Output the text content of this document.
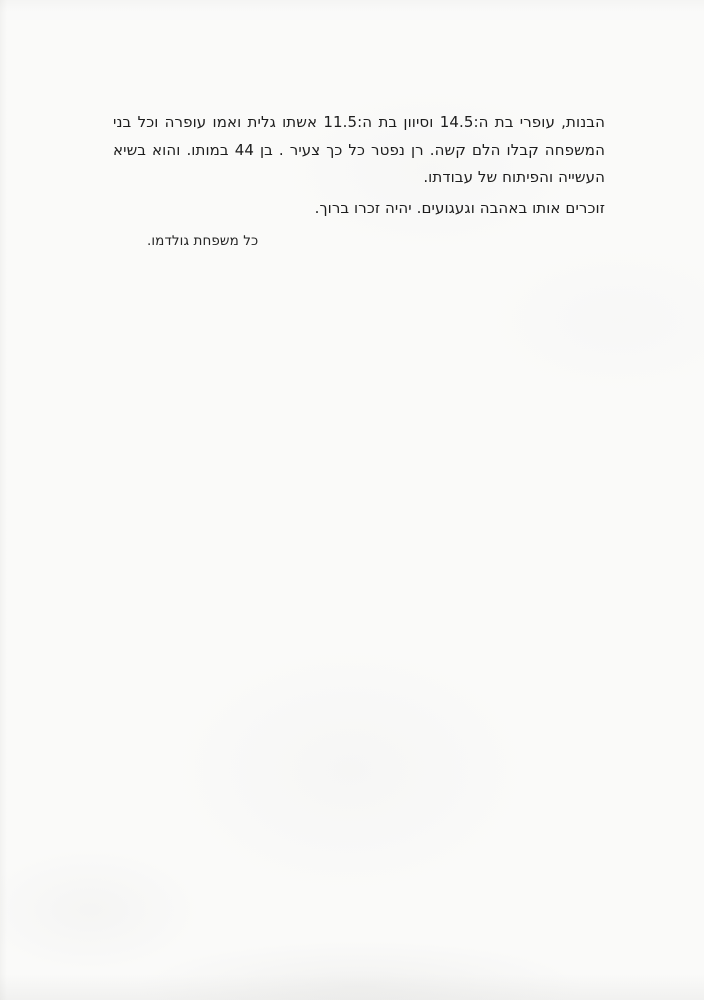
הבנות, עופרי בת ה:14.5 וסיוון בת ה:11.5 אשתו גלית ואמו עופרה וכל בני
המשפחה קבלו הלם קשה. רן נפטר כל כך צעיר . בן 44 במותו. והוא בשיא
העשייה והפיתוח של עבודתו.
זוכרים אותו באהבה וגעגועים. יהיה זכרו ברוך.
כל משפחת גולדמו.
